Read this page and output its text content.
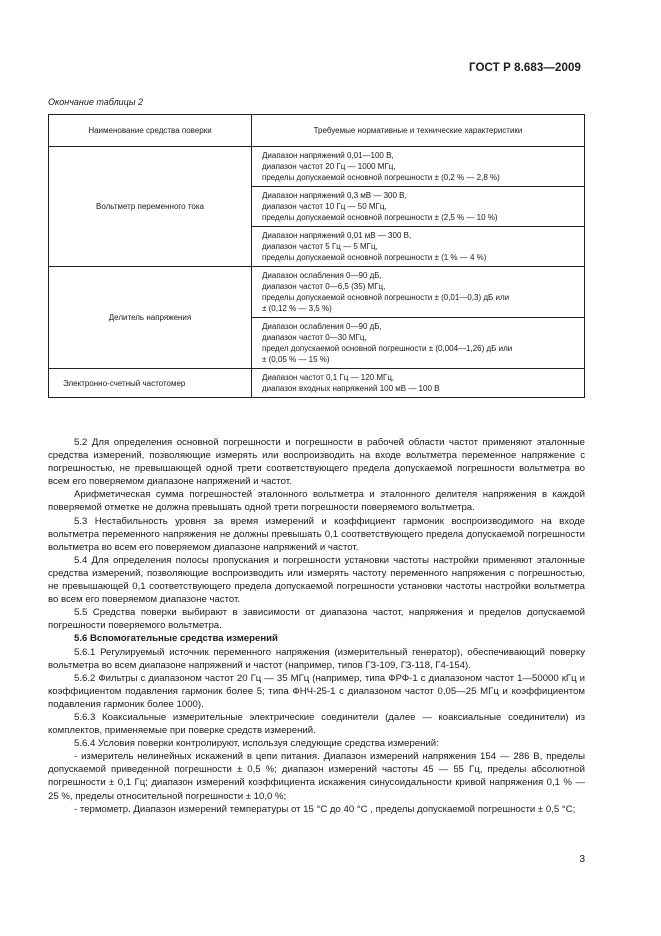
ГОСТ Р 8.683—2009
Окончание таблицы 2
Наименование средства поверки	Требуемые нормативные и технические характеристики
Вольтметр переменного тока	Диапазон напряжений 0,01—100 В,
диапазон частот 20 Гц — 1000 МГц,
пределы допускаемой основной погрешности ± (0,2 % — 2,8 %)

	Диапазон напряжений 0,3 мВ — 300 В,
диапазон частот 10 Гц — 50 МГц,
пределы допускаемой основной погрешности ± (2,5 % — 10 %)

	Диапазон напряжений 0,01 мВ — 300 В,
диапазон частот 5 Гц — 5 МГц,
пределы допускаемой основной погрешности ± (1 % — 4 %)

Делитель напряжения	Диапазон ослабления 0—90 дБ,
диапазон частот 0—6,5 (35) МГц,
пределы допускаемой основной погрешности ± (0,01—0,3) дБ или
± (0,12 % — 3,5 %)

	Диапазон ослабления 0—90 дБ,
диапазон частот 0—30 МГц,
предел допускаемой основной погрешности ± (0,004—1,26) дБ или
± (0,05 % — 15 %)

Электронно-счетный частотомер	Диапазон частот 0,1 Гц — 120 МГц,
диапазон входных напряжений 100 мВ — 100 В

5.2 Для определения основной погрешности и погрешности в рабочей области частот применяют эталонные средства измерений, позволяющие измерять или воспроизводить на входе вольтметра переменное напряжение с погрешностью, не превышающей одной трети соответствующего предела допускаемой погрешности вольтметра во всем его поверяемом диапазоне напряжений и частот.

Арифметическая сумма погрешностей эталонного вольтметра и эталонного делителя напряжения в каждой поверяемой отметке не должна превышать одной трети погрешности поверяемого вольтметра.

5.3 Нестабильность уровня за время измерений и коэффициент гармоник воспроизводимого на входе вольтметра переменного напряжения не должны превышать 0,1 соответствующего предела допускаемой погрешности вольтметра во всем его поверяемом диапазоне напряжений и частот.

5.4 Для определения полосы пропускания и погрешности установки частоты настройки применяют эталонные средства измерений, позволяющие воспроизводить или измерять частоту переменного напряжения с погрешностью, не превышающей 0,1 соответствующего предела допускаемой погрешности установки частоты настройки вольтметра во всем его поверяемом диапазоне частот.

5.5 Средства поверки выбирают в зависимости от диапазона частот, напряжения и пределов допускаемой погрешности поверяемого вольтметра.

5.6 Вспомогательные средства измерений

5.6.1 Регулируемый источник переменного напряжения (измерительный генератор), обеспечивающий поверку вольтметра во всем диапазоне напряжений и частот (например, типов ГЗ-109, ГЗ-118, Г4-154).

5.6.2 Фильтры с диапазоном частот 20 Гц — 35 МГц (например, типа ФРФ-1 с диапазоном частот 1—50000 кГц и коэффициентом подавления гармоник более 5; типа ФНЧ-25-1 с диапазоном частот 0,05—25 МГц и коэффициентом подавления гармоник более 1000).

5.6.3 Коаксиальные измерительные электрические соединители (далее — коаксиальные соединители) из комплектов, применяемые при поверке средств измерений.

5.6.4 Условия поверки контролируют, используя следующие средства измерений:

- измеритель нелинейных искажений в цепи питания. Диапазон измерений напряжения 154 — 286 В, пределы допускаемой приведенной погрешности ± 0,5 %; диапазон измерений частоты 45 — 55 Гц, пределы абсолютной погрешности ± 0,1 Гц; диапазон измерений коэффициента искажения синусоидальности кривой напряжения 0,1 % — 25 %, пределы относительной погрешности ± 10,0 %;

- термометр. Диапазон измерений температуры от 15 °С до 40 °С , пределы допускаемой погрешности ± 0,5 °С;

3
